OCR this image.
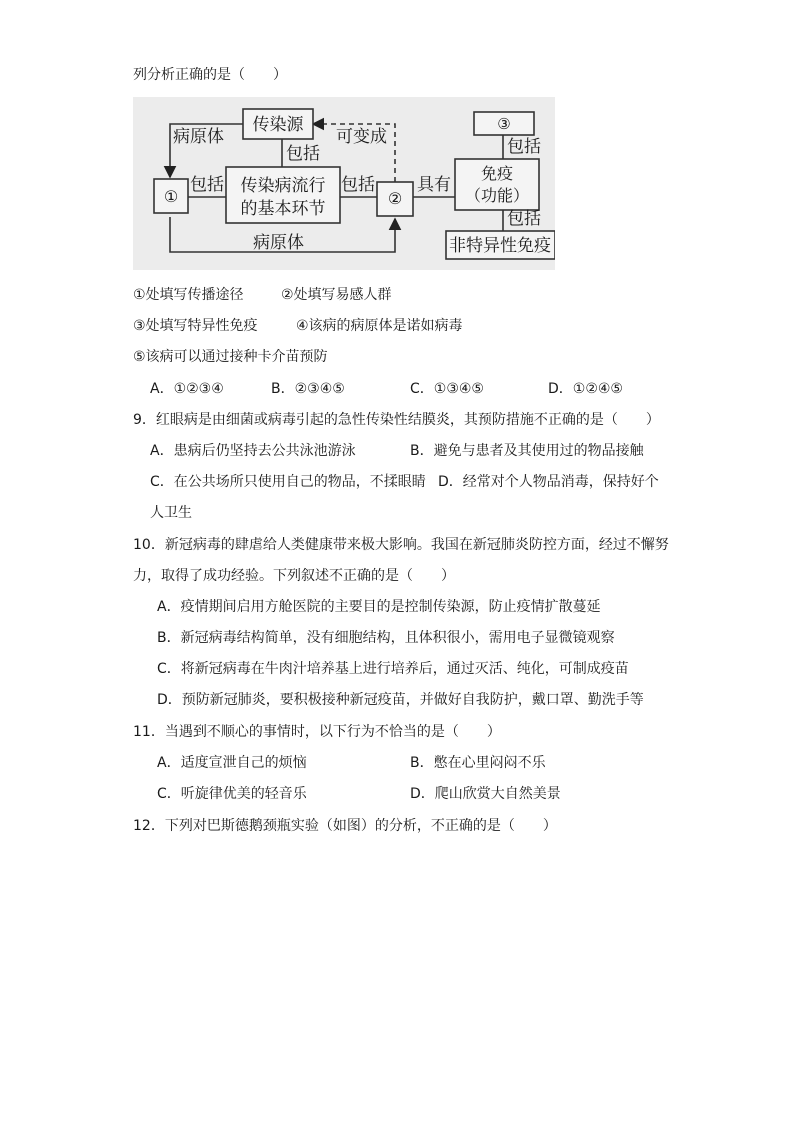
列分析正确的是（　　）
传染源
①
传染病流行
的基本环节
②
免疫
（功能）
③
非特异性免疫
病原体
包括
包括	包括
可变成
具有
包括
包括
病原体
①处填写传播途径	②处填写易感人群
③处填写特异性免疫	④该病的病原体是诺如病毒
⑤该病可以通过接种卡介苗预防
A．①②③④	B．②③④⑤	C．①③④⑤	D．①②④⑤
9．红眼病是由细菌或病毒引起的急性传染性结膜炎，其预防措施不正确的是（　　）
A．患病后仍坚持去公共泳池游泳	B．避免与患者及其使用过的物品接触
C．在公共场所只使用自己的物品，不揉眼睛 D．经常对个人物品消毒，保持好个
人卫生
10．新冠病毒的肆虐给人类健康带来极大影响。我国在新冠肺炎防控方面，经过不懈努
力，取得了成功经验。下列叙述不正确的是（　　）
A．疫情期间启用方舱医院的主要目的是控制传染源，防止疫情扩散蔓延
B．新冠病毒结构简单，没有细胞结构，且体积很小，需用电子显微镜观察
C．将新冠病毒在牛肉汁培养基上进行培养后，通过灭活、纯化，可制成疫苗
D．预防新冠肺炎，要积极接种新冠疫苗，并做好自我防护，戴口罩、勤洗手等
11．当遇到不顺心的事情时，以下行为不恰当的是（　　）
A．适度宣泄自己的烦恼	B．憋在心里闷闷不乐
C．听旋律优美的轻音乐	D．爬山欣赏大自然美景
12．下列对巴斯德鹅颈瓶实验（如图）的分析，不正确的是（　　）
